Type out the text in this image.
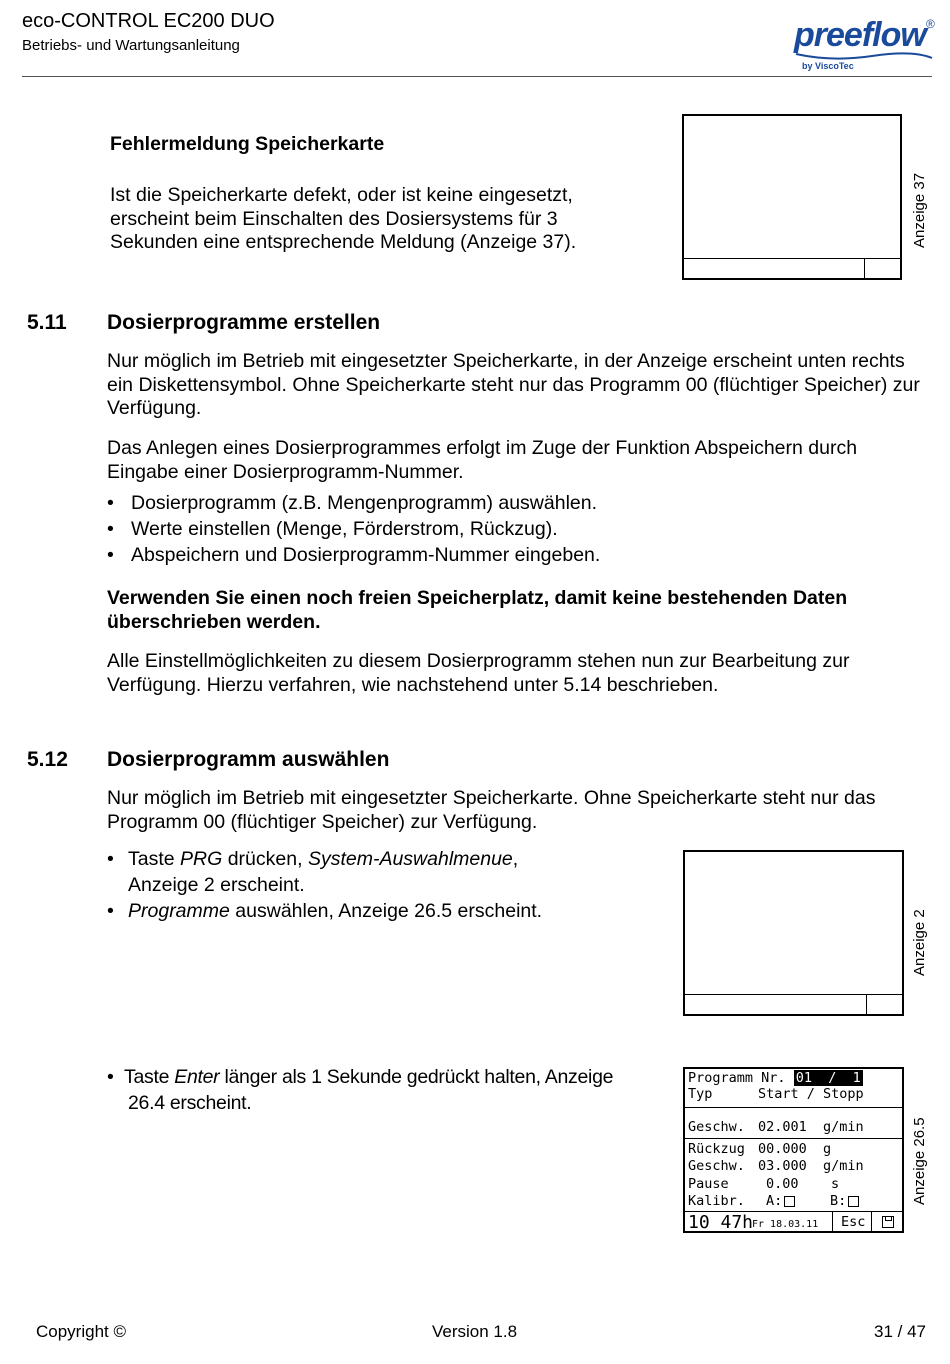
eco-CONTROL EC200 DUO
Betriebs- und Wartungsanleitung	preeflow ®
by ViscoTec
Fehlermeldung Speicherkarte

Ist die Speicherkarte defekt, oder ist keine eingesetzt, erscheint beim Einschalten des Dosiersystems für 3 Sekunden eine entsprechende Meldung (Anzeige 37).	Anzeige 37
5.11 Dosierprogramme erstellen

Nur möglich im Betrieb mit eingesetzter Speicherkarte, in der Anzeige erscheint unten rechts ein Diskettensymbol. Ohne Speicherkarte steht nur das Programm 00 (flüchtiger Speicher) zur Verfügung.

Das Anlegen eines Dosierprogrammes erfolgt im Zuge der Funktion Abspeichern durch Eingabe einer Dosierprogramm-Nummer.

• Dosierprogramm (z.B. Mengenprogramm) auswählen.
• Werte einstellen (Menge, Förderstrom, Rückzug).
• Abspeichern und Dosierprogramm-Nummer eingeben.

Verwenden Sie einen noch freien Speicherplatz, damit keine bestehenden Daten überschrieben werden.

Alle Einstellmöglichkeiten zu diesem Dosierprogramm stehen nun zur Bearbeitung zur Verfügung. Hierzu verfahren, wie nachstehend unter 5.14 beschrieben.

5.12 Dosierprogramm auswählen

Nur möglich im Betrieb mit eingesetzter Speicherkarte. Ohne Speicherkarte steht nur das Programm 00 (flüchtiger Speicher) zur Verfügung.

• Taste PRG drücken, System-Auswahlmenue,
Anzeige 2 erscheint.
• Programme auswählen, Anzeige 26.5 erscheint.	Anzeige 2
• Taste Enter länger als 1 Sekunde gedrückt halten, Anzeige
26.4 erscheint.
Programm Nr. 01  /  1
Typ	Start / Stopp
Geschw. 02.001  g/min
Rückzug 00.000  g
Geschw. 03.000  g/min
Pause	0.00    s
Kalibr. A:	B:
10 47h
Fr 18.03.11 Esc
Anzeige 26.5
Copyright ©	Version 1.8	31 / 47
